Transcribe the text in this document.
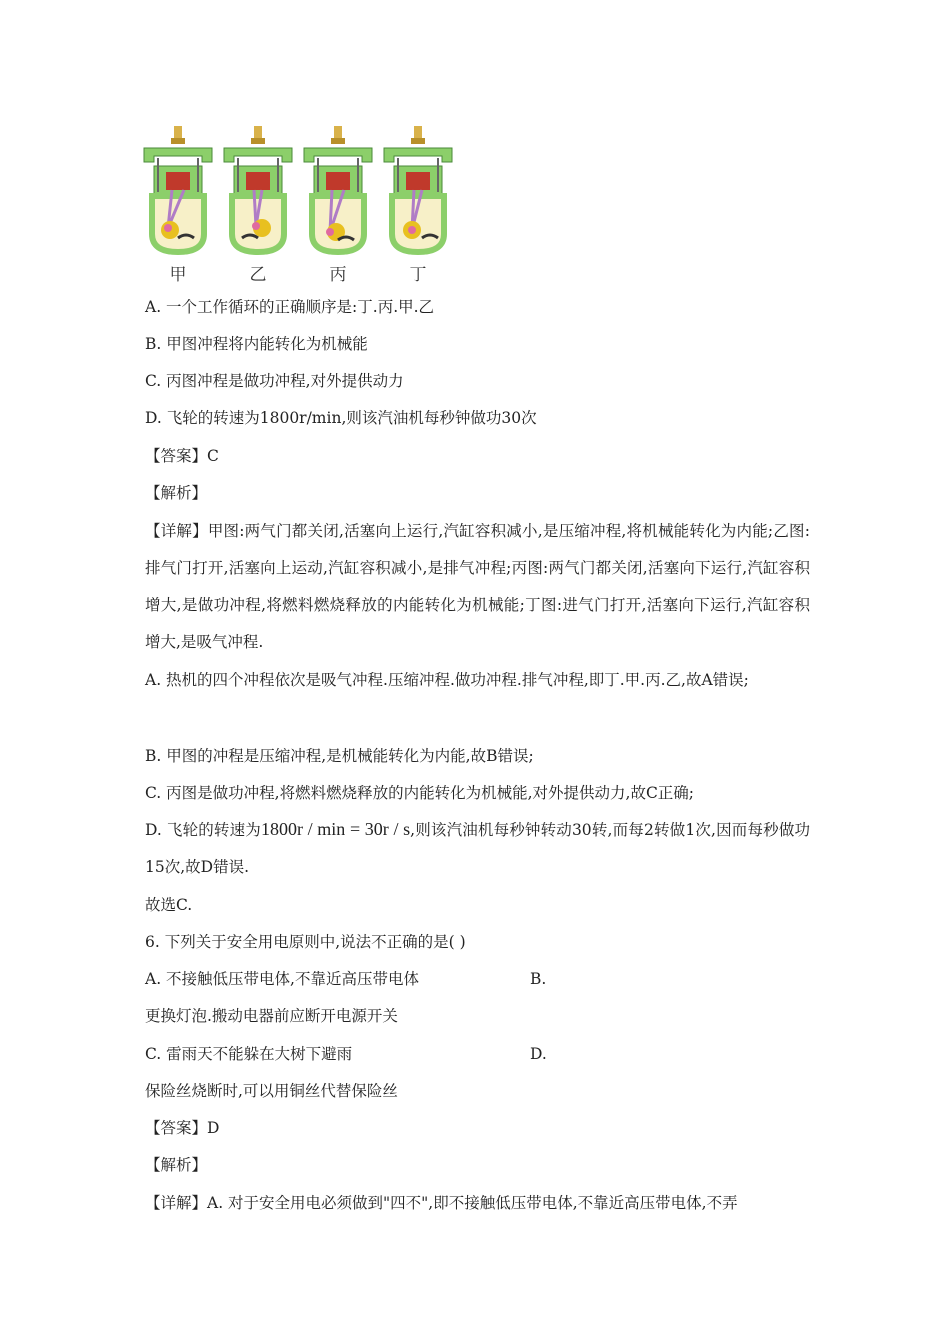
甲	乙	丙	丁
A. 一个工作循环的正确顺序是:丁.丙.甲.乙
B. 甲图冲程将内能转化为机械能
C. 丙图冲程是做功冲程,对外提供动力
D. 飞轮的转速为1800r/min,则该汽油机每秒钟做功30次
【答案】C
【解析】
【详解】甲图:两气门都关闭,活塞向上运行,汽缸容积减小,是压缩冲程,将机械能转化为内能;乙图:排气门打开,活塞向上运动,汽缸容积减小,是排气冲程;丙图:两气门都关闭,活塞向下运行,汽缸容积增大,是做功冲程,将燃料燃烧释放的内能转化为机械能;丁图:进气门打开,活塞向下运行,汽缸容积增大,是吸气冲程.
A. 热机的四个冲程依次是吸气冲程.压缩冲程.做功冲程.排气冲程,即丁.甲.丙.乙,故A错误;
B. 甲图的冲程是压缩冲程,是机械能转化为内能,故B错误;
C. 丙图是做功冲程,将燃料燃烧释放的内能转化为机械能,对外提供动力,故C正确;
D. 飞轮的转速为1800r / min = 30r / s,则该汽油机每秒钟转动30转,而每2转做1次,因而每秒做功15次,故D错误.
故选C.
6. 下列关于安全用电原则中,说法不正确的是( )
A. 不接触低压带电体,不靠近高压带电体	B.
更换灯泡.搬动电器前应断开电源开关
C. 雷雨天不能躲在大树下避雨	D.
保险丝烧断时,可以用铜丝代替保险丝
【答案】D
【解析】
【详解】A. 对于安全用电必须做到"四不",即不接触低压带电体,不靠近高压带电体,不弄
